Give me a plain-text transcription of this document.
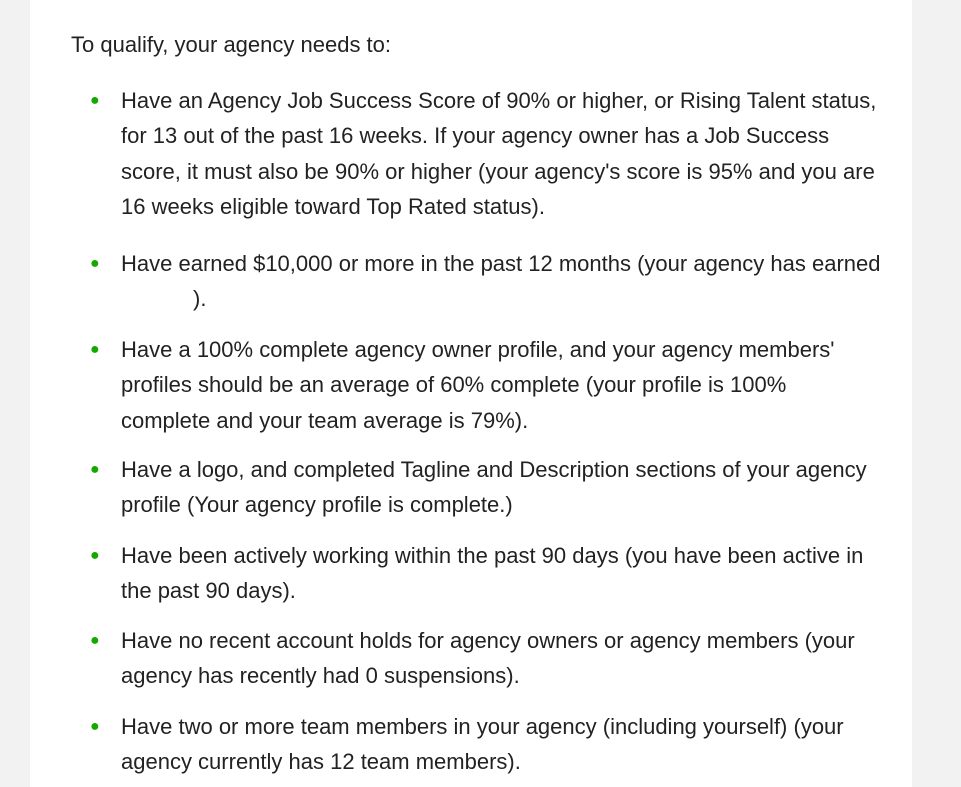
To qualify, your agency needs to:

● Have an Agency Job Success Score of 90% or higher, or Rising Talent status, for 13 out of the past 16 weeks. If your agency owner has a Job Success score, it must also be 90% or higher (your agency's score is 95% and you are 16 weeks eligible toward Top Rated status).
● Have earned $10,000 or more in the past 12 months (your agency has earned ).
● Have a 100% complete agency owner profile, and your agency members' profiles should be an average of 60% complete (your profile is 100% complete and your team average is 79%).
● Have a logo, and completed Tagline and Description sections of your agency profile (Your agency profile is complete.)
● Have been actively working within the past 90 days (you have been active in the past 90 days).
● Have no recent account holds for agency owners or agency members (your agency has recently had 0 suspensions).
● Have two or more team members in your agency (including yourself) (your agency currently has 12 team members).
